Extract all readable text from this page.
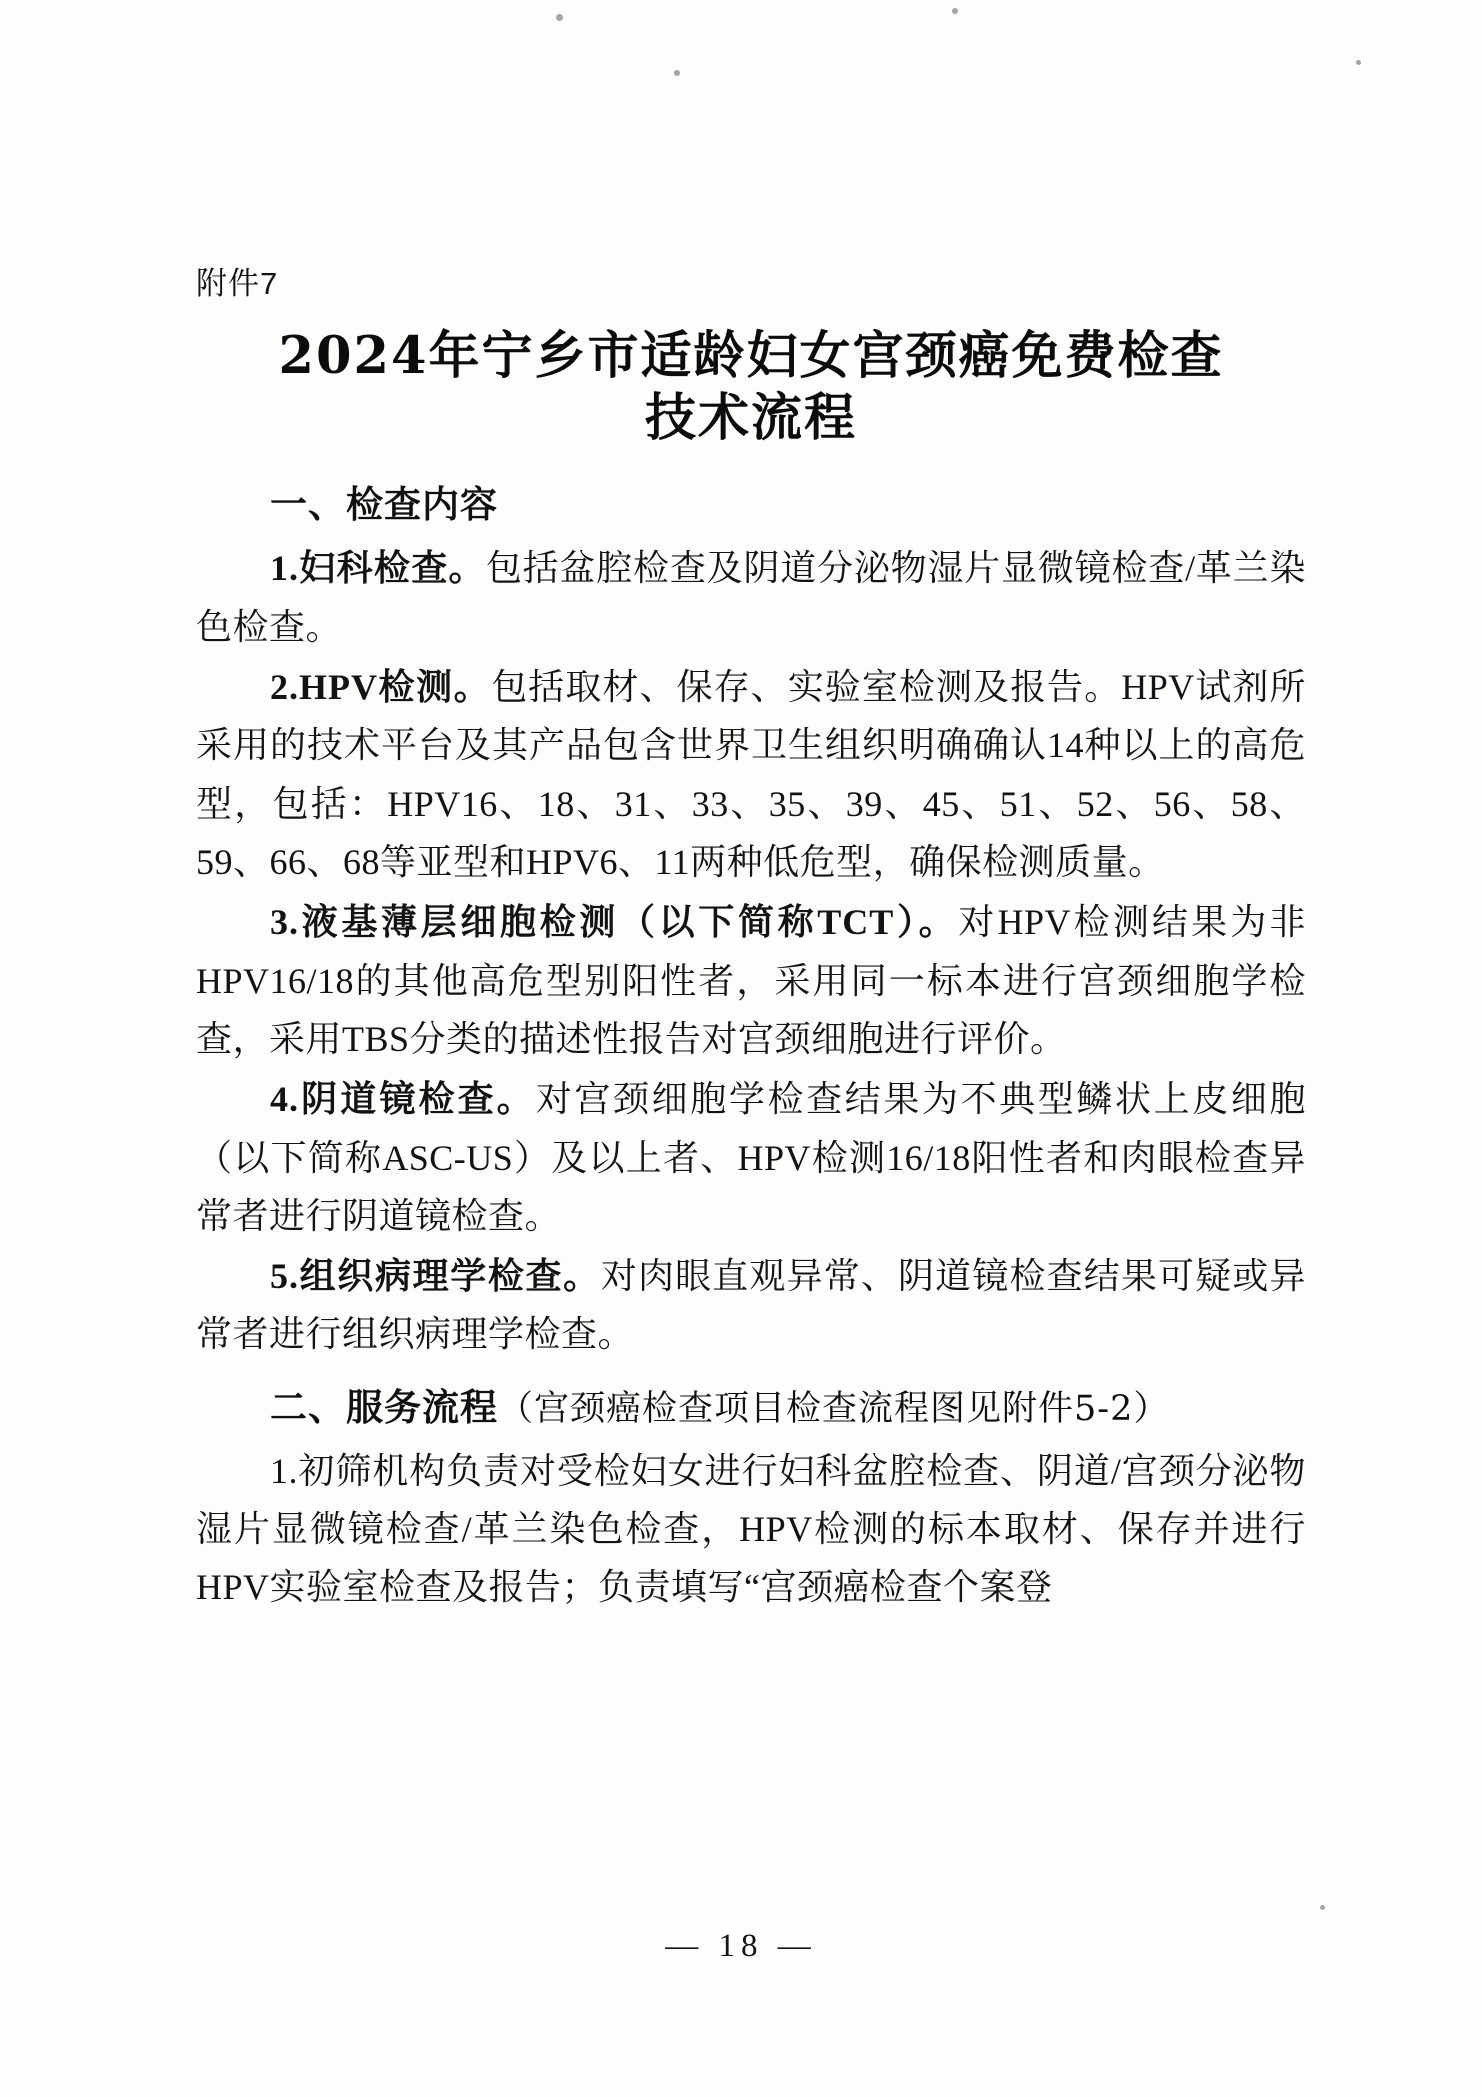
附件7
2024年宁乡市适龄妇女宫颈癌免费检查
技术流程
一、检查内容

1.妇科检查。包括盆腔检查及阴道分泌物湿片显微镜检查/革兰染色检查。

2.HPV检测。包括取材、保存、实验室检测及报告。HPV试剂所采用的技术平台及其产品包含世界卫生组织明确确认14种以上的高危型，包括：HPV16、18、31、33、35、39、45、51、52、56、58、59、66、68等亚型和HPV6、11两种低危型，确保检测质量。

3.液基薄层细胞检测（以下简称TCT）。对HPV检测结果为非HPV16/18的其他高危型别阳性者，采用同一标本进行宫颈细胞学检查，采用TBS分类的描述性报告对宫颈细胞进行评价。

4.阴道镜检查。对宫颈细胞学检查结果为不典型鳞状上皮细胞（以下简称ASC-US）及以上者、HPV检测16/18阳性者和肉眼检查异常者进行阴道镜检查。

5.组织病理学检查。对肉眼直观异常、阴道镜检查结果可疑或异常者进行组织病理学检查。

二、服务流程（宫颈癌检查项目检查流程图见附件5-2）

1.初筛机构负责对受检妇女进行妇科盆腔检查、阴道/宫颈分泌物湿片显微镜检查/革兰染色检查，HPV检测的标本取材、保存并进行HPV实验室检查及报告；负责填写“宫颈癌检查个案登

— 18 —
